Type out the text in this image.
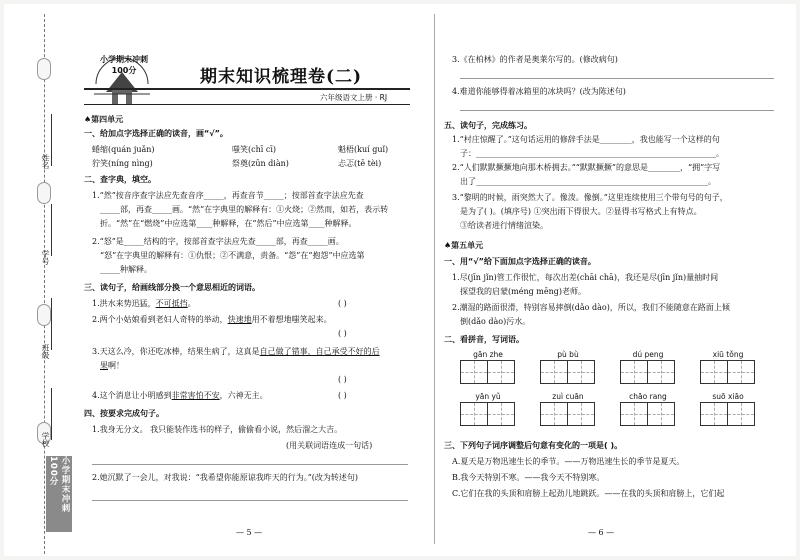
姓名
学号
班级
学校
小学期末冲刺100分
小学期末冲刺100分	期末知识梳理卷(二)
六年级语文上册 · RJ
♠第四单元
一、给加点字选择正确的读音，画“√”。
蜷缩(quán juǎn)	嗤笑(chī cī)	魁梧(kuí guǐ)
狞笑(níng nìng)	祭奠(zūn diàn)	忐忑(tē tèi)
二、查字典，填空。
1.“然”按音序查字法应先查音序_____，再查音节_____；按部首查字法应先查
_____部，再查_____画。“然”在字典里的解释有：①火烧；②然而，如若，表示转
折。“然”在“燃烧”中应选第____种解释，在“然后”中应选第____种解释。
2.“怒”是_____结构的字，按部首查字法应先查_____部，再查_____画。
“怒”在字典里的解释有：①仇恨；②不满意，责备。“怨”在“抱怨”中应选第
_____种解释。
三、读句子，给画线部分换一个意思相近的词语。
1.洪水来势迅猛，不可抵挡。	( )
2.两个小姑娘看到老妇人奇特的举动，快速地用不着想地嗤笑起来。
( )
3.天这么冷，你还吃冰棒，结果生病了，这真是自己做了错事，自己承受不好的后
果啊！
( )
4.这个消息让小明感到非常害怕不安，六神无主。	( )
四、按要求完成句子。
1.我身无分文。 我只能装作选书的样子，偷偷看小说，然后溜之大吉。
(用关联词语连成一句话)
2.她沉默了一会儿，对我说：“我希望你能原谅我昨天的行为。”(改为转述句)
— 5 —
3.《在柏林》的作者是奥莱尔写的。(修改病句)
4.难道你能够得着冰箱里的冰块吗？(改为陈述句)
五、读句子，完成练习。
1.“村庄惊醒了。”这句话运用的修辞手法是________，我也能写一个这样的句
子：____________________________________________________________。
2.“人们默默撅撅地向那木桥拥去。”“默默撅撅”的意思是________，“拥”字写
出了__________________________________________________________。
3.“黎明的时候，雨突然大了。像泼。像倒。”这里连续使用三个带句号的句子，
是为了( )。(填序号) ①突出雨下得很大。②显得书写格式上有特点。
③给读者进行情绪渲染。
♠第五单元
一、用“√”给下面加点字选择正确的读音。
1.尽(jīn jǐn)管工作很忙，每次出差(chāi chā)，我还是尽(jīn jǐn)量抽时间
探望我的启蒙(méng mēng)老师。
2.潮湿的路面很滑，特别容易摔倒(dǎo dào)，所以，我们不能随意在路面上倾
倒(dǎo dào)污水。
二、看拼音，写词语。
gān zhe	pù bù	dú peng	xiū tǒng
yān yǔ	zuì cuān	chāo rang	suō xiāo
三、下列句子词序调整后句意有变化的一项是( )。
A.夏天是万物迅速生长的季节。——万物迅速生长的季节是夏天。
B.我今天特别不寒。——我今天不特别寒。
C.它们在我的头顶和肩膀上起劲儿地跳跃。——在我的头顶和肩膀上，它们起
— 6 —
